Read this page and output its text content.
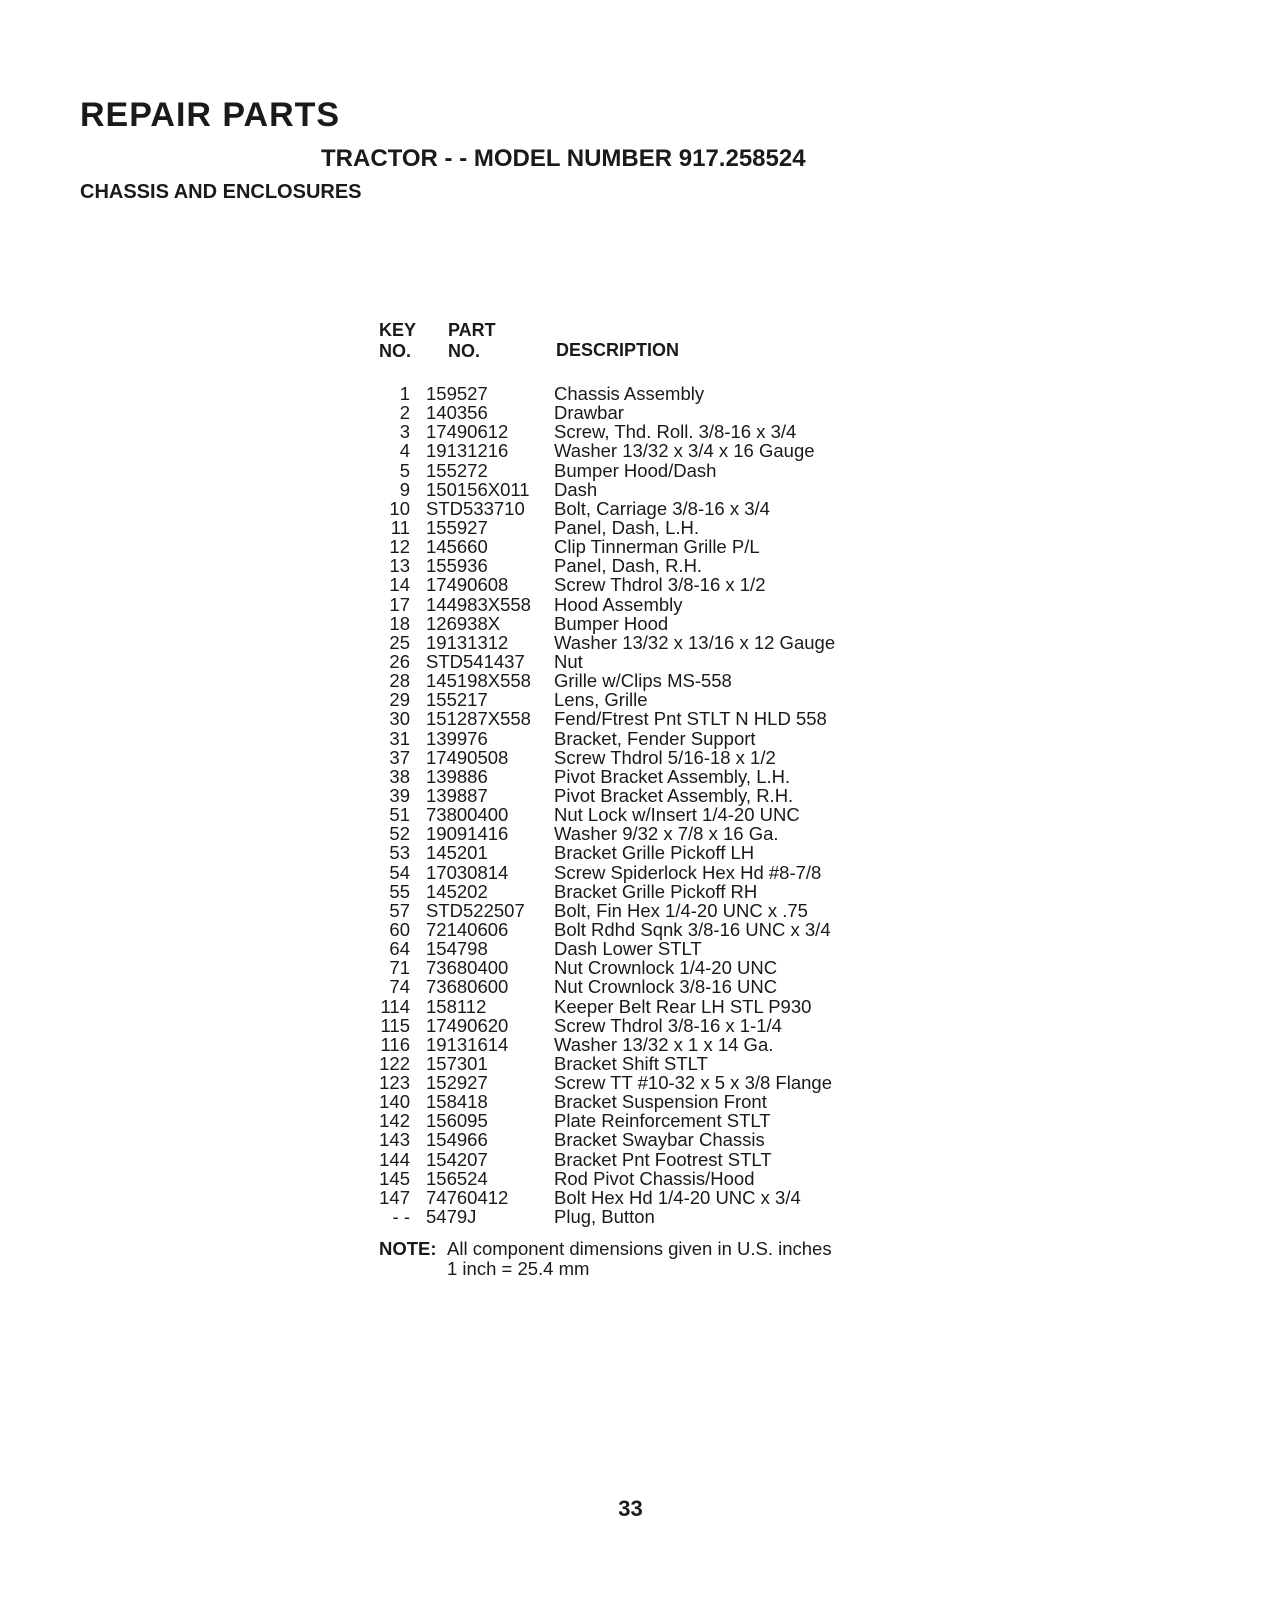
REPAIR PARTS
TRACTOR - - MODEL NUMBER 917.258524
CHASSIS AND ENCLOSURES
KEY
NO.
PART
NO.	DESCRIPTION
1 159527	Chassis Assembly
2 140356	Drawbar
3 17490612	Screw, Thd. Roll. 3/8-16 x 3/4
4 19131216	Washer 13/32 x 3/4 x 16 Gauge
5 155272	Bumper Hood/Dash
9 150156X011	Dash
10 STD533710	Bolt, Carriage 3/8-16 x 3/4
11 155927	Panel, Dash, L.H.
12 145660	Clip Tinnerman Grille P/L
13 155936	Panel, Dash, R.H.
14 17490608	Screw Thdrol 3/8-16 x 1/2
17 144983X558	Hood Assembly
18 126938X	Bumper Hood
25 19131312	Washer 13/32 x 13/16 x 12 Gauge
26 STD541437	Nut
28 145198X558	Grille w/Clips MS-558
29 155217	Lens, Grille
30 151287X558	Fend/Ftrest Pnt STLT N HLD 558
31 139976	Bracket, Fender Support
37 17490508	Screw Thdrol 5/16-18 x 1/2
38 139886	Pivot Bracket Assembly, L.H.
39 139887	Pivot Bracket Assembly, R.H.
51 73800400	Nut Lock w/Insert 1/4-20 UNC
52 19091416	Washer 9/32 x 7/8 x 16 Ga.
53 145201	Bracket Grille Pickoff LH
54 17030814	Screw Spiderlock Hex Hd #8-7/8
55 145202	Bracket Grille Pickoff RH
57 STD522507	Bolt, Fin Hex 1/4-20 UNC x .75
60 72140606	Bolt Rdhd Sqnk 3/8-16 UNC x 3/4
64 154798	Dash Lower STLT
71 73680400	Nut Crownlock 1/4-20 UNC
74 73680600	Nut Crownlock 3/8-16 UNC
114 158112	Keeper Belt Rear LH STL P930
115 17490620	Screw Thdrol 3/8-16 x 1-1/4
116 19131614	Washer 13/32 x 1 x 14 Ga.
122 157301	Bracket Shift STLT
123 152927	Screw TT #10-32 x 5 x 3/8 Flange
140 158418	Bracket Suspension Front
142 156095	Plate Reinforcement STLT
143 154966	Bracket Swaybar Chassis
144 154207	Bracket Pnt Footrest STLT
145 156524	Rod Pivot Chassis/Hood
147 74760412	Bolt Hex Hd 1/4-20 UNC x 3/4
- - 5479J	Plug, Button
NOTE: All component dimensions given in U.S. inches
1 inch = 25.4 mm
33
